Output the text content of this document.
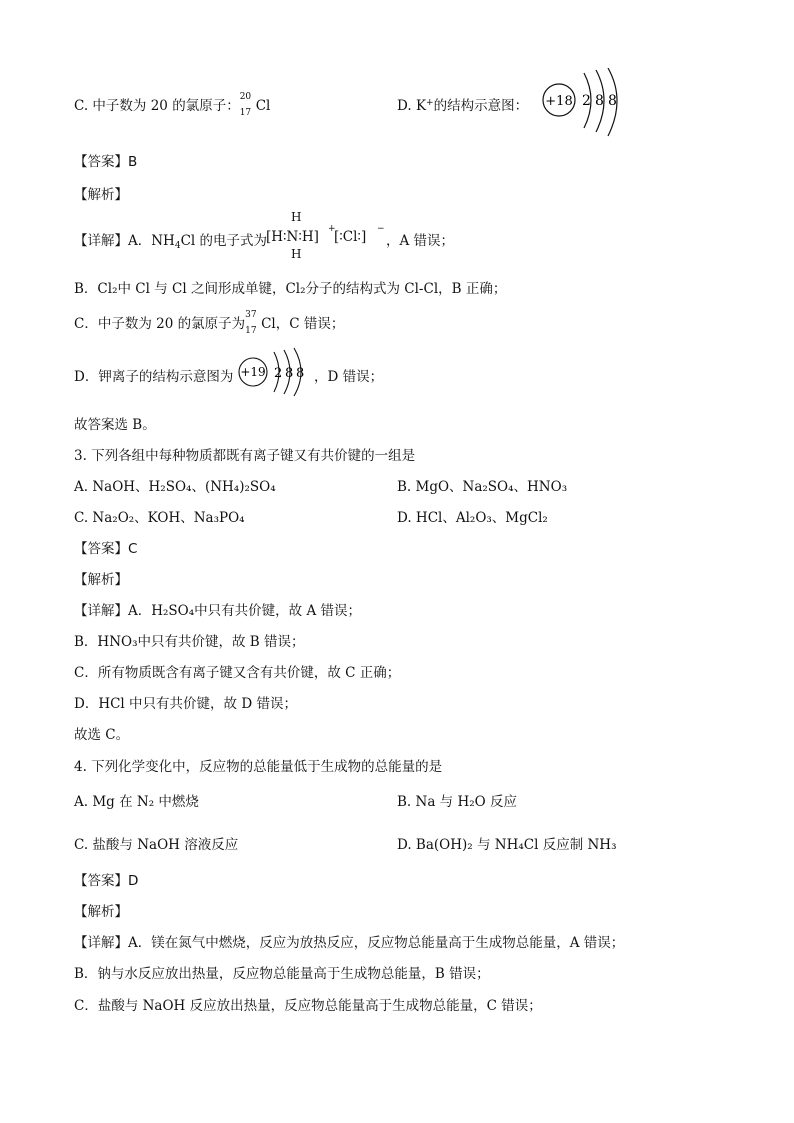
C. 中子数为 20 的氯原子：
20
17 Cl	D. K+的结构示意图： +18 2 8 8
【答案】B
【解析】
【详解】A．$NH_4Cl$ 的电子式为
H
[H∶N∶H] +
[∶Cl∶] −
H
，A 错误；
B．Cl₂中 Cl 与 Cl 之间形成单键，Cl₂分子的结构式为 Cl-Cl，B 正确；
C．中子数为 20 的氯原子为
37
17 Cl，C 错误；
D．钾离子的结构示意图为 +19 2 8 8 ，D 错误；
故答案选 B。
3. 下列各组中每种物质都既有离子键又有共价键的一组是
A. NaOH、H₂SO₄、(NH₄)₂SO₄	B. MgO、Na₂SO₄、HNO₃
C. Na₂O₂、KOH、Na₃PO₄	D. HCl、Al₂O₃、MgCl₂
【答案】C
【解析】
【详解】A．H₂SO₄中只有共价键，故 A 错误；
B．HNO₃中只有共价键，故 B 错误；
C．所有物质既含有离子键又含有共价键，故 C 正确；
D．HCl 中只有共价键，故 D 错误；
故选 C。
4. 下列化学变化中，反应物的总能量低于生成物的总能量的是
A. Mg 在 N₂ 中燃烧	B. Na 与 H₂O 反应
C. 盐酸与 NaOH 溶液反应	D. Ba(OH)₂ 与 NH₄Cl 反应制 NH₃
【答案】D
【解析】
【详解】A．镁在氮气中燃烧，反应为放热反应，反应物总能量高于生成物总能量，A 错误；
B．钠与水反应放出热量，反应物总能量高于生成物总能量，B 错误；
C．盐酸与 NaOH 反应放出热量，反应物总能量高于生成物总能量，C 错误；
